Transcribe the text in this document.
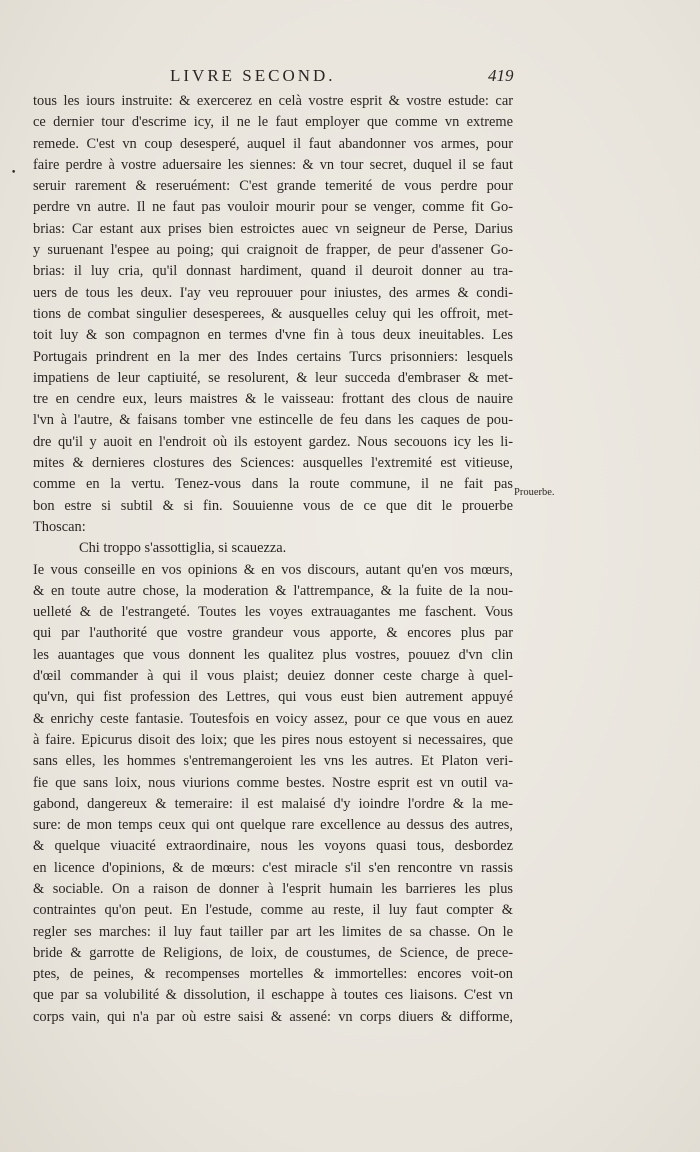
LIVRE SECOND.	419
•
tous les iours instruite: & exercerez en celà vostre esprit & vostre estude: car
ce dernier tour d'escrime icy, il ne le faut employer que comme vn extreme
remede. C'est vn coup desesperé, auquel il faut abandonner vos armes, pour
faire perdre à vostre aduersaire les siennes: & vn tour secret, duquel il se faut
seruir rarement & reseruément: C'est grande temerité de vous perdre pour
perdre vn autre. Il ne faut pas vouloir mourir pour se venger, comme fit Go-
brias: Car estant aux prises bien estroictes auec vn seigneur de Perse, Darius
y suruenant l'espee au poing; qui craignoit de frapper, de peur d'assener Go-
brias: il luy cria, qu'il donnast hardiment, quand il deuroit donner au tra-
uers de tous les deux. I'ay veu reprouuer pour iniustes, des armes & condi-
tions de combat singulier desesperees, & ausquelles celuy qui les offroit, met-
toit luy & son compagnon en termes d'vne fin à tous deux ineuitables. Les
Portugais prindrent en la mer des Indes certains Turcs prisonniers: lesquels
impatiens de leur captiuité, se resolurent, & leur succeda d'embraser & met-
tre en cendre eux, leurs maistres & le vaisseau: frottant des clous de nauire
l'vn à l'autre, & faisans tomber vne estincelle de feu dans les caques de pou-
dre qu'il y auoit en l'endroit où ils estoyent gardez. Nous secouons icy les li-
mites & dernieres clostures des Sciences: ausquelles l'extremité est vitieuse,
comme en la vertu. Tenez-vous dans la route commune, il ne fait pas
bon estre si subtil & si fin. Souuienne vous de ce que dit le prouerbe
Thoscan:
Chi troppo s'assottiglia, si scauezza.
Ie vous conseille en vos opinions & en vos discours, autant qu'en vos mœurs,
& en toute autre chose, la moderation & l'attrempance, & la fuite de la nou-
uelleté & de l'estrangeté. Toutes les voyes extrauagantes me faschent. Vous
qui par l'authorité que vostre grandeur vous apporte, & encores plus par
les auantages que vous donnent les qualitez plus vostres, pouuez d'vn clin
d'œil commander à qui il vous plaist; deuiez donner ceste charge à quel-
qu'vn, qui fist profession des Lettres, qui vous eust bien autrement appuyé
& enrichy ceste fantasie. Toutesfois en voicy assez, pour ce que vous en auez
à faire. Epicurus disoit des loix; que les pires nous estoyent si necessaires, que
sans elles, les hommes s'entremangeroient les vns les autres. Et Platon veri-
fie que sans loix, nous viurions comme bestes. Nostre esprit est vn outil va-
gabond, dangereux & temeraire: il est malaisé d'y ioindre l'ordre & la me-
sure: de mon temps ceux qui ont quelque rare excellence au dessus des autres,
& quelque viuacité extraordinaire, nous les voyons quasi tous, desbordez
en licence d'opinions, & de mœurs: c'est miracle s'il s'en rencontre vn rassis
& sociable. On a raison de donner à l'esprit humain les barrieres les plus
contraintes qu'on peut. En l'estude, comme au reste, il luy faut compter &
regler ses marches: il luy faut tailler par art les limites de sa chasse. On le
bride & garrotte de Religions, de loix, de coustumes, de Science, de prece-
ptes, de peines, & recompenses mortelles & immortelles: encores voit-on
que par sa volubilité & dissolution, il eschappe à toutes ces liaisons. C'est vn
corps vain, qui n'a par où estre saisi & assené: vn corps diuers & difforme,
Prouerbe.
